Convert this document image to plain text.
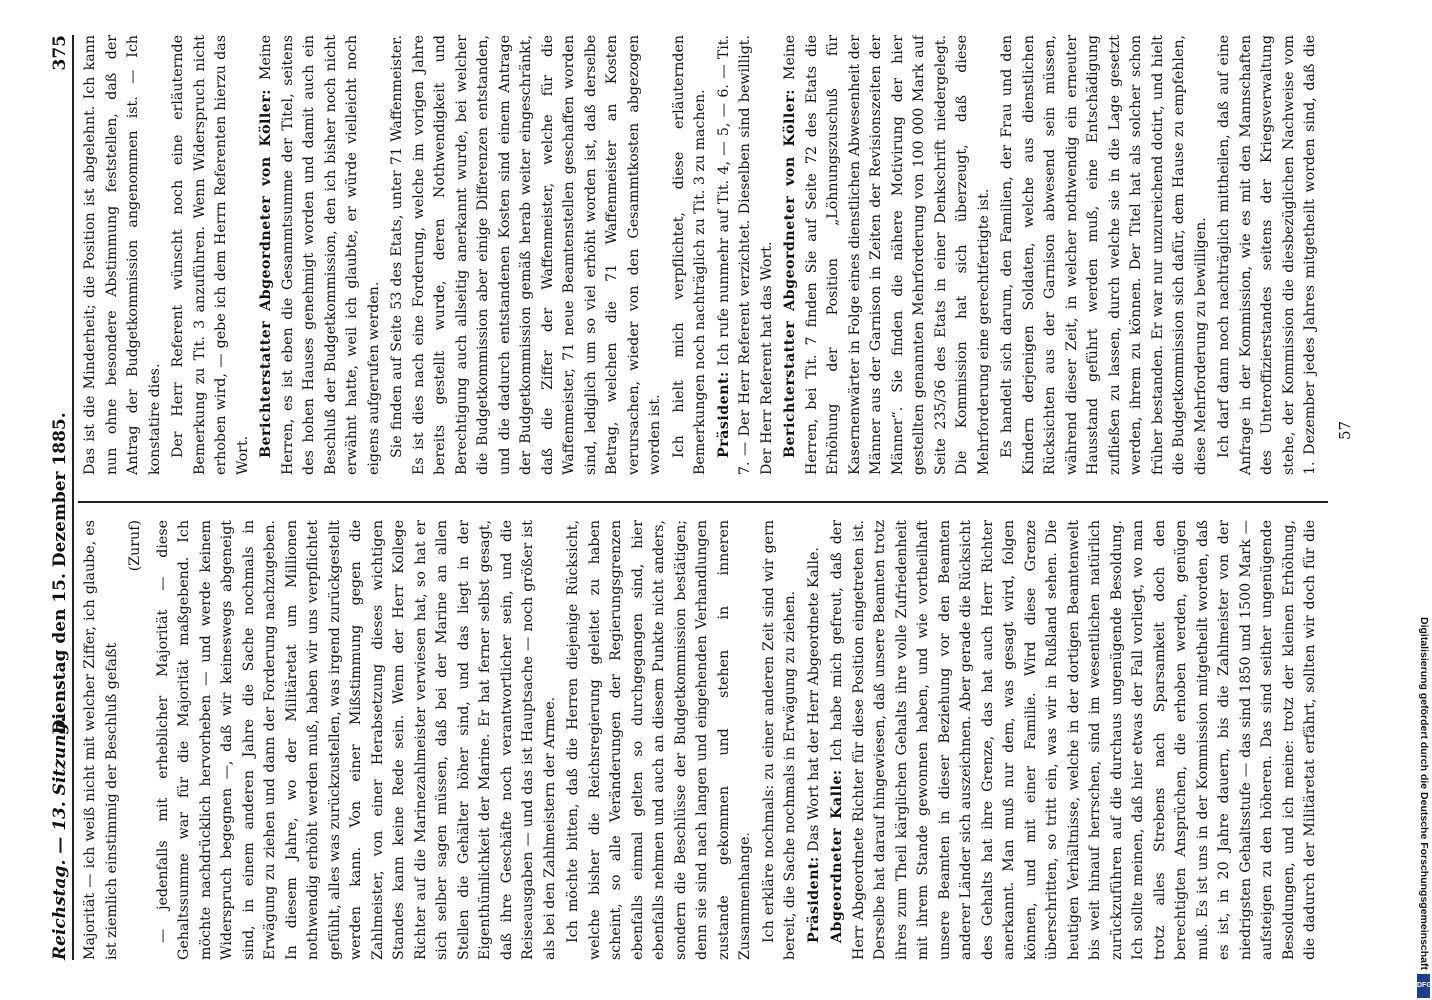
Reichstag. — 13. Sitzung.
Dienstag den 15. Dezember 1885.  375

Majorität — ich weiß nicht mit welcher Ziffer, ich glaube, es ist ziemlich einstimmig der Beschluß gefaßt

(Zuruf) — jedenfalls mit erheblicher Majorität — diese Gehaltssumme war für die Majorität maßgebend. Ich möchte nachdrücklich hervorheben — und werde keinem Widerspruch begegnen —, daß wir keineswegs abgeneigt sind, in einem anderen Jahre die Sache nochmals in Erwägung zu ziehen und dann der Forderung nachzugeben. In diesem Jahre, wo der Militäretat um Millionen nothwendig erhöht werden muß, haben wir uns verpflichtet gefühlt, alles was zurückzustellen, was irgend zurückgestellt werden kann. Von einer Mißstimmung gegen die Zahlmeister, von einer Herabsetzung dieses wichtigen Standes kann keine Rede sein. Wenn der Herr Kollege Richter auf die Marinezahlmeister verwiesen hat, so hat er sich selber sagen müssen, daß bei der Marine an allen Stellen die Gehälter höher sind, und das liegt in der Eigenthümlichkeit der Marine. Er hat ferner selbst gesagt, daß ihre Geschäfte noch verantwortlicher sein, und die Reiseausgaben — und das ist Hauptsache — noch größer ist als bei den Zahlmeistern der Armee. Ich möchte bitten, daß die Herren diejenige Rücksicht, welche bisher die Reichsregierung geleitet zu haben scheint, so alle Veränderungen der Regierungsgrenzen ebenfalls einmal gelten so durchgegangen sind, hier ebenfalls nehmen und auch an diesem Punkte nicht anders, sondern die Beschlüsse der Budgetkommission bestätigen; denn sie sind nach langen und eingehenden Verhandlungen zustande gekommen und stehen in inneren Zusammenhange. Ich erkläre nochmals: zu einer anderen Zeit sind wir gern bereit, die Sache nochmals in Erwägung zu ziehen. Präsident: Das Wort hat der Herr Abgeordnete Kalle. Abgeordneter Kalle: Ich habe mich gefreut, daß der Herr Abgeordnete Richter für diese Position eingetreten ist. Derselbe hat darauf hingewiesen, daß unsere Beamten trotz ihres zum Theil kärglichen Gehalts ihre volle Zufriedenheit mit ihrem Stande gewonnen haben, und wie vortheilhaft unsere Beamten in dieser Beziehung vor den Beamten anderer Länder sich auszeichnen. Aber gerade die Rücksicht des Gehalts hat ihre Grenze, das hat auch Herr Richter anerkannt. Man muß nur dem, was gesagt wird, folgen können, und mit einer Familie. Wird diese Grenze überschritten, so tritt ein, was wir in Rußland sehen. Die heutigen Verhältnisse, welche in der dortigen Beamtenwelt bis weit hinauf herrschen, sind im wesentlichen natürlich zurückzuführen auf die durchaus ungenügende Besoldung. Ich sollte meinen, daß hier etwas der Fall vorliegt, wo man trotz alles Strebens nach Sparsamkeit doch den berechtigten Ansprüchen, die erhoben werden, genügen muß. Es ist uns in der Kommission mitgetheilt worden, daß es ist, in 20 Jahre dauern, bis die Zahlmeister von der niedrigsten Gehaltsstufe — das sind 1850 und 1500 Mark — aufsteigen zu den höheren. Das sind seither ungenügende Besoldungen, und ich meine: trotz der kleinen Erhöhung, die dadurch der Militäretat erfährt, sollten wir doch für die

Das ist die Minderheit; die Position ist abgelehnt. Ich kann nun ohne besondere Abstimmung feststellen, daß der Antrag der Budgetkommission angenommen ist. — Ich konstatire dies. Der Herr Referent wünscht noch eine erläuternde Bemerkung zu Tit. 3 anzuführen. Wenn Widerspruch nicht erhoben wird, — gebe ich dem Herrn Referenten hierzu das Wort. Berichterstatter Abgeordneter von Köller: Meine Herren, es ist eben die Gesammtsumme der Titel, seitens des hohen Hauses genehmigt worden und damit auch ein Beschluß der Budgetkommission, den ich bisher noch nicht erwähnt hatte, weil ich glaubte, er würde vielleicht noch eigens aufgerufen werden. Sie finden auf Seite 53 des Etats, unter 71 Waffenmeister. Es ist dies nach eine Forderung, welche im vorigen Jahre bereits gestellt wurde, deren Nothwendigkeit und Berechtigung auch allseitig anerkannt wurde, bei welcher die Budgetkommission aber einige Differenzen entstanden, und die dadurch entstandenen Kosten sind einem Antrage der Budgetkommission gemäß herab weiter eingeschränkt, daß die Ziffer der Waffenmeister, welche für die Waffenmeister, 71 neue Beamtenstellen geschaffen worden sind, lediglich um so viel erhöht worden ist, daß derselbe Betrag, welchen die 71 Waffenmeister an Kosten verursachen, wieder von den Gesammtkosten abgezogen worden ist. Ich hielt mich verpflichtet, diese erläuternden Bemerkungen noch nachträglich zu Tit. 3 zu machen. Präsident: Ich rufe nunmehr auf Tit. 4, — 5, — 6. — Tit. 7. — Der Herr Referent verzichtet. Dieselben sind bewilligt. Der Herr Referent hat das Wort. Berichterstatter Abgeordneter von Köller: Meine Herren, bei Tit. 7 finden Sie auf Seite 72 des Etats die Erhöhung der Position „Löhnungszuschuß für Kasernenwärter in Folge eines dienstlichen Abwesenheit der Männer aus der Garnison in Zeiten der Revisionszeiten der Männer“. Sie finden die nähere Motivirung der hier gestellten genannten Mehrforderung von 100 000 Mark auf Seite 235/36 des Etats in einer Denkschrift niedergelegt. Die Kommission hat sich überzeugt, daß diese Mehrforderung eine gerechtfertigte ist. Es handelt sich darum, den Familien, der Frau und den Kindern derjenigen Soldaten, welche aus dienstlichen Rücksichten aus der Garnison abwesend sein müssen, während dieser Zeit, in welcher nothwendig ein erneuter Hausstand geführt werden muß, eine Entschädigung zufließen zu lassen, durch welche sie in die Lage gesetzt werden, ihrem zu können. Der Titel hat als solcher schon früher bestanden. Er war nur unzureichend dotirt, und hielt die Budgetkommission sich dafür, dem Hause zu empfehlen, diese Mehrforderung zu bewilligen. Ich darf dann noch nachträglich mittheilen, daß auf eine Anfrage in der Kommission, wie es mit den Mannschaften des Unteroffizierstandes seitens der Kriegsverwaltung stehe, der Kommission die diesbezüglichen Nachweise vom 1. Dezember jedes Jahres mitgetheilt worden sind, daß die

57
Digitalisierung gefördert durch die Deutsche Forschungsgemeinschaft
DFG
